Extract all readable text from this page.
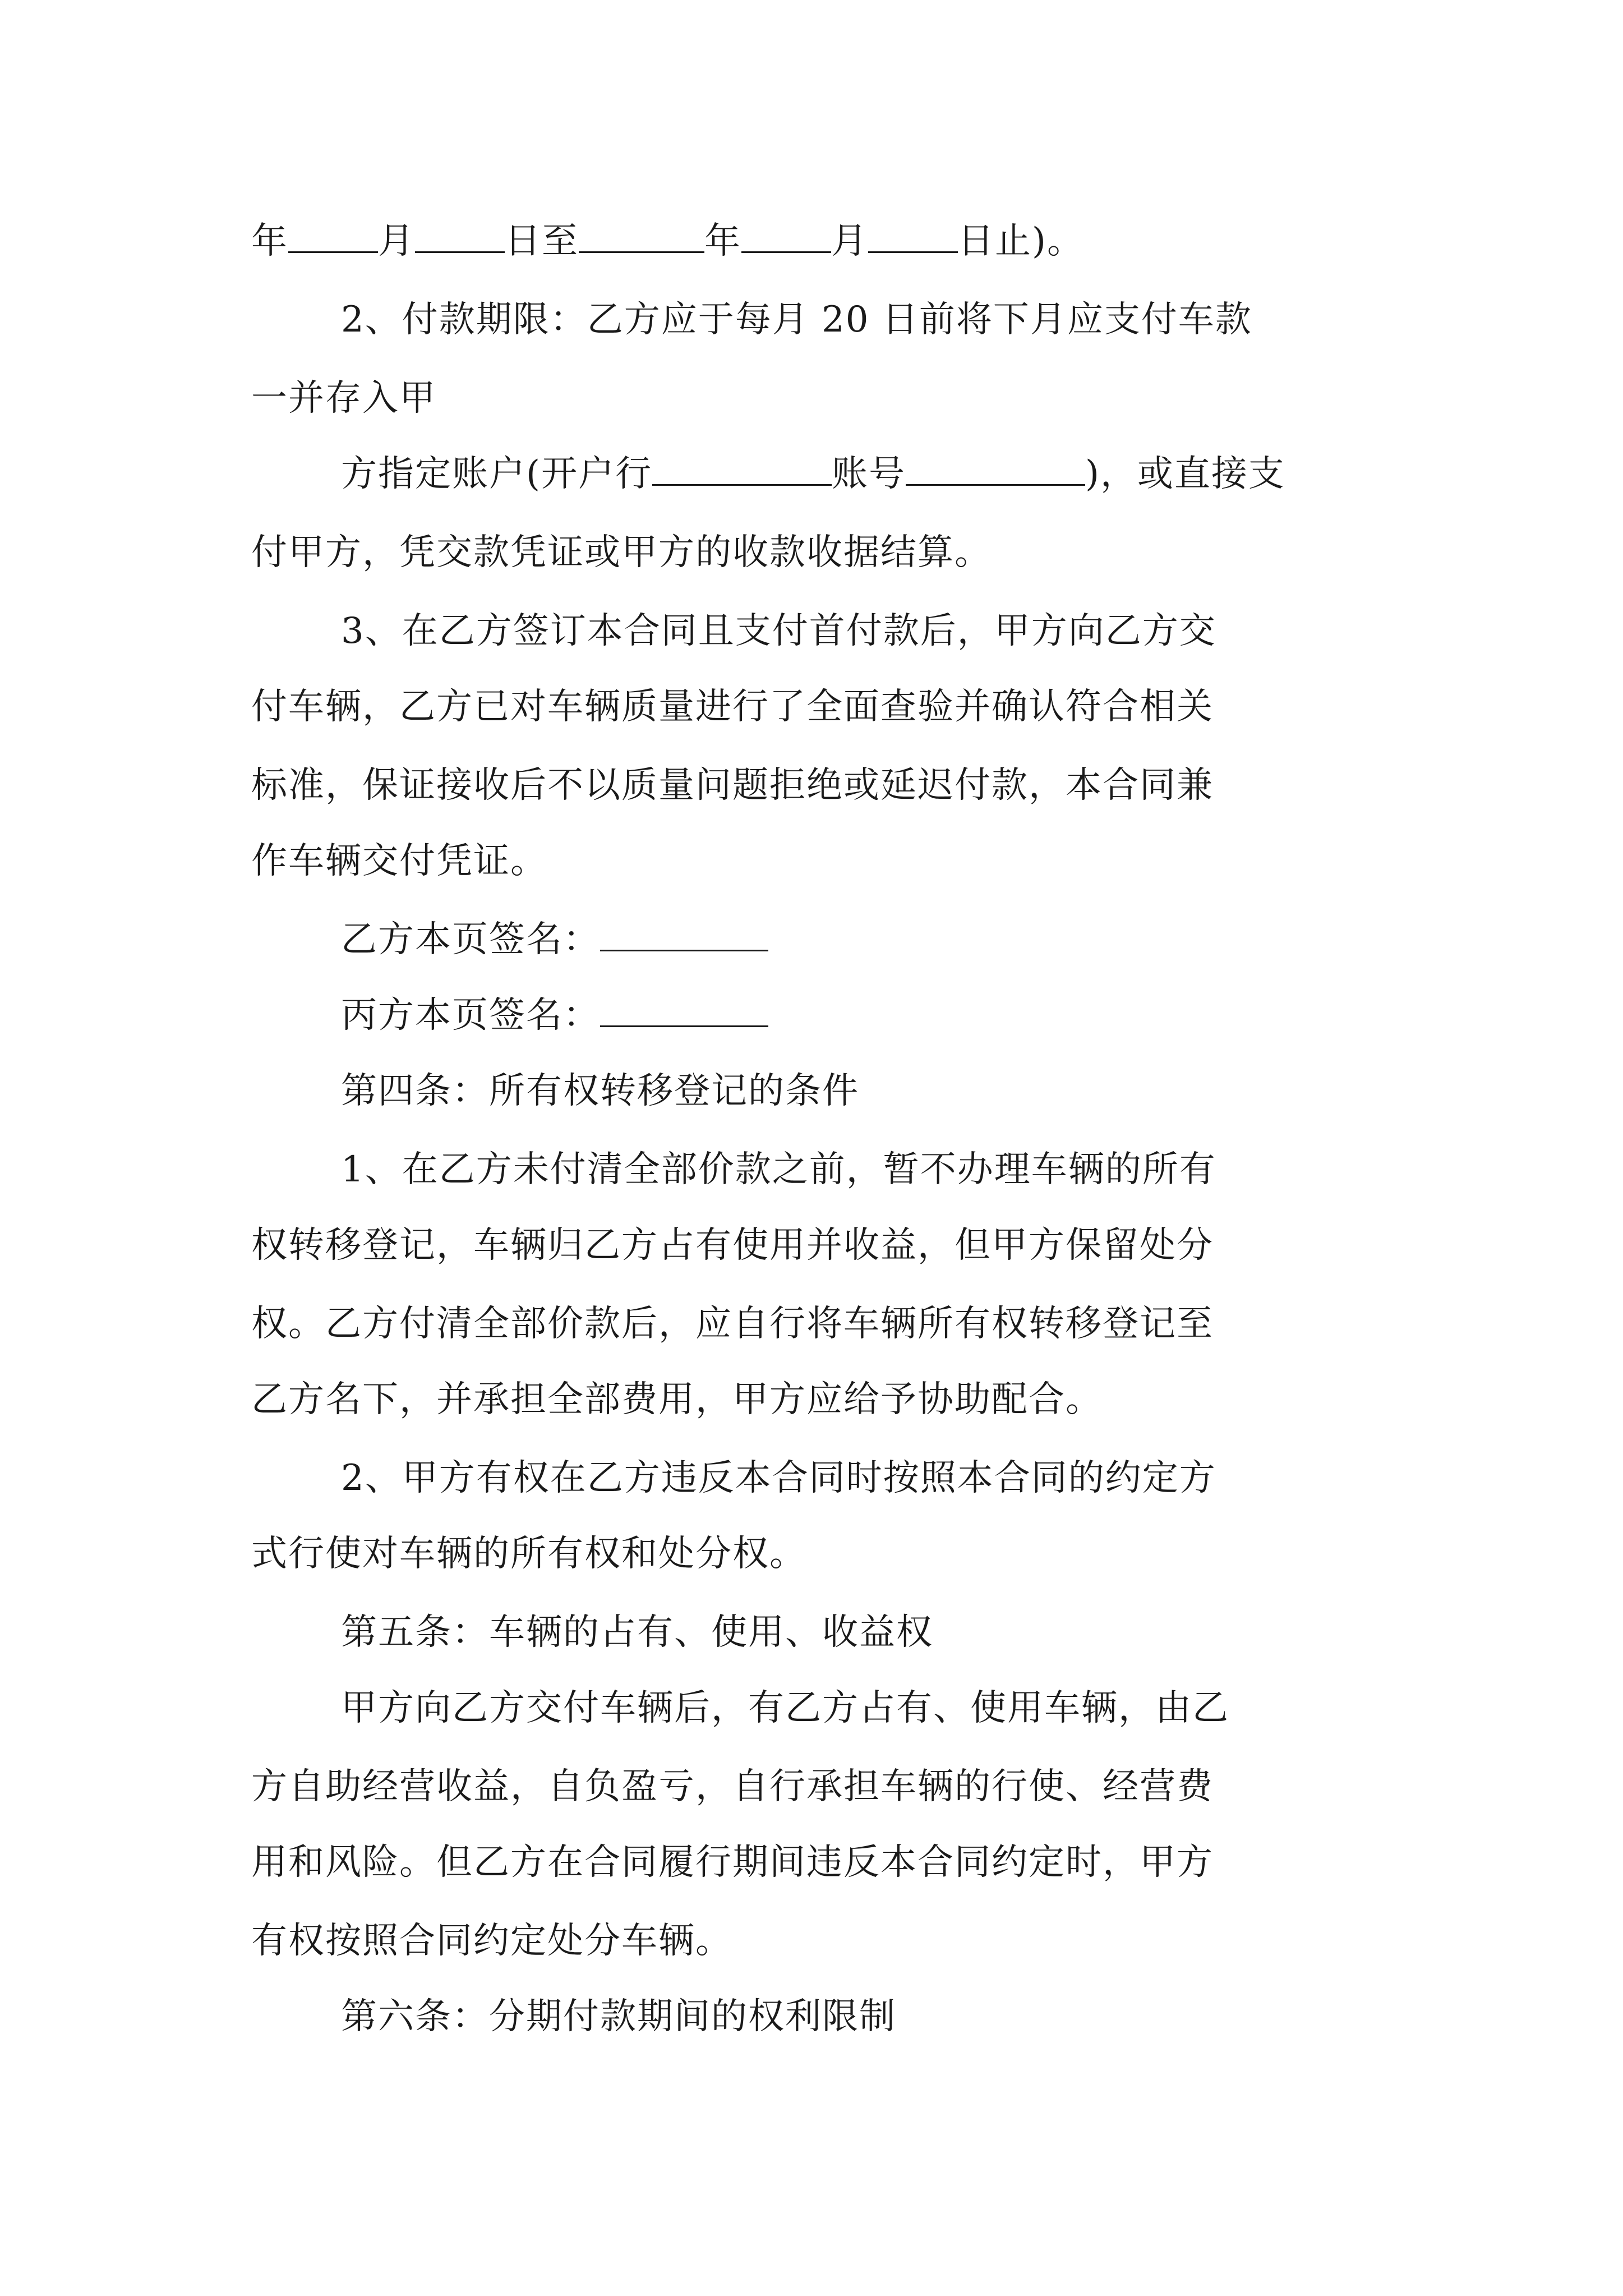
年	月	日至	年	月	日止)。
2、付款期限：乙方应于每月 20 日前将下月应支付车款
一并存入甲
方指定账户(开户行	账号	)，或直接支
付甲方，凭交款凭证或甲方的收款收据结算。
3、在乙方签订本合同且支付首付款后，甲方向乙方交
付车辆，乙方已对车辆质量进行了全面查验并确认符合相关
标准，保证接收后不以质量问题拒绝或延迟付款，本合同兼
作车辆交付凭证。
乙方本页签名：
丙方本页签名：
第四条：所有权转移登记的条件
1、在乙方未付清全部价款之前，暂不办理车辆的所有
权转移登记，车辆归乙方占有使用并收益，但甲方保留处分
权。乙方付清全部价款后，应自行将车辆所有权转移登记至
乙方名下，并承担全部费用，甲方应给予协助配合。
2、甲方有权在乙方违反本合同时按照本合同的约定方
式行使对车辆的所有权和处分权。
第五条：车辆的占有、使用、收益权
甲方向乙方交付车辆后，有乙方占有、使用车辆，由乙
方自助经营收益，自负盈亏，自行承担车辆的行使、经营费
用和风险。但乙方在合同履行期间违反本合同约定时，甲方
有权按照合同约定处分车辆。
第六条：分期付款期间的权利限制
